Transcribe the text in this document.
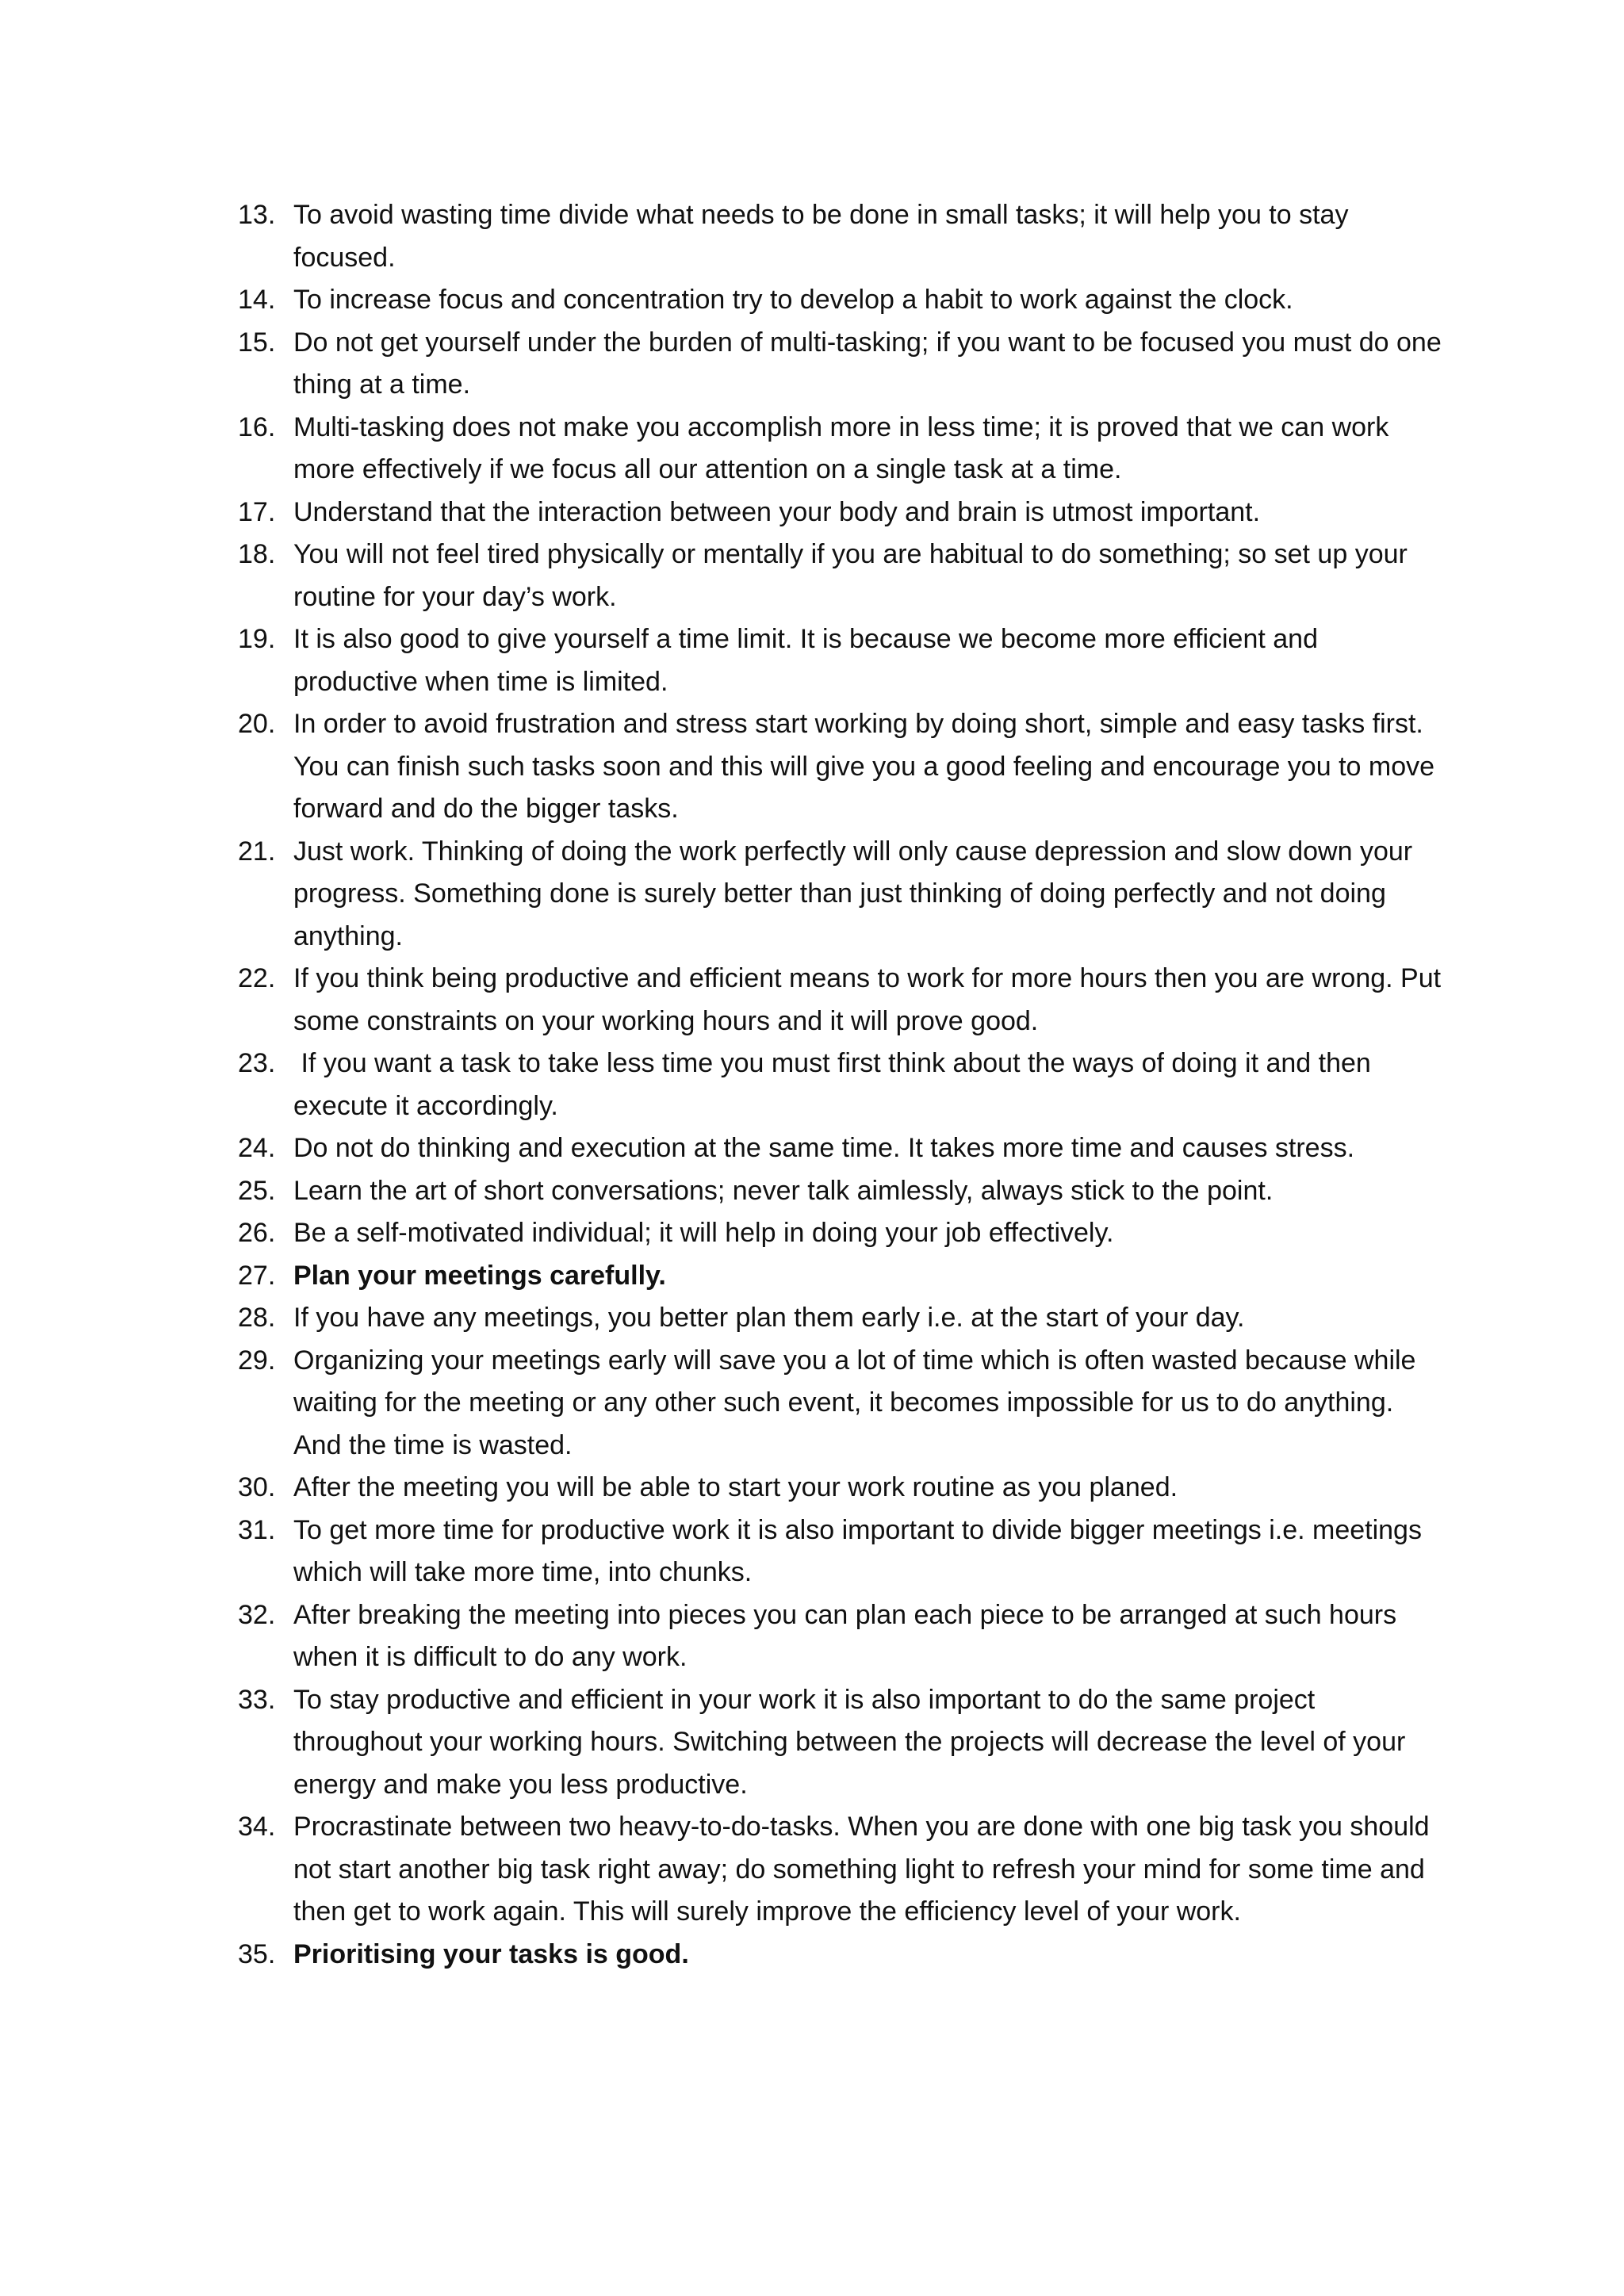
13. To avoid wasting time divide what needs to be done in small tasks; it will help you to stay focused.
14. To increase focus and concentration try to develop a habit to work against the clock.
15. Do not get yourself under the burden of multi-tasking; if you want to be focused you must do one thing at a time.
16. Multi-tasking does not make you accomplish more in less time; it is proved that we can work more effectively if we focus all our attention on a single task at a time.
17. Understand that the interaction between your body and brain is utmost important.
18. You will not feel tired physically or mentally if you are habitual to do something; so set up your routine for your day’s work.
19. It is also good to give yourself a time limit. It is because we become more efficient and productive when time is limited.
20. In order to avoid frustration and stress start working by doing short, simple and easy tasks first. You can finish such tasks soon and this will give you a good feeling and encourage you to move forward and do the bigger tasks.
21. Just work. Thinking of doing the work perfectly will only cause depression and slow down your progress. Something done is surely better than just thinking of doing perfectly and not doing anything.
22. If you think being productive and efficient means to work for more hours then you are wrong. Put some constraints on your working hours and it will prove good.
23. If you want a task to take less time you must first think about the ways of doing it and then execute it accordingly.
24. Do not do thinking and execution at the same time. It takes more time and causes stress.
25. Learn the art of short conversations; never talk aimlessly, always stick to the point.
26. Be a self-motivated individual; it will help in doing your job effectively.
27. Plan your meetings carefully.
28. If you have any meetings, you better plan them early i.e. at the start of your day.
29. Organizing your meetings early will save you a lot of time which is often wasted because while waiting for the meeting or any other such event, it becomes impossible for us to do anything. And the time is wasted.
30. After the meeting you will be able to start your work routine as you planed.
31. To get more time for productive work it is also important to divide bigger meetings i.e. meetings which will take more time, into chunks.
32. After breaking the meeting into pieces you can plan each piece to be arranged at such hours when it is difficult to do any work.
33. To stay productive and efficient in your work it is also important to do the same project throughout your working hours. Switching between the projects will decrease the level of your energy and make you less productive.
34. Procrastinate between two heavy-to-do-tasks. When you are done with one big task you should not start another big task right away; do something light to refresh your mind for some time and then get to work again. This will surely improve the efficiency level of your work.
35. Prioritising your tasks is good.
